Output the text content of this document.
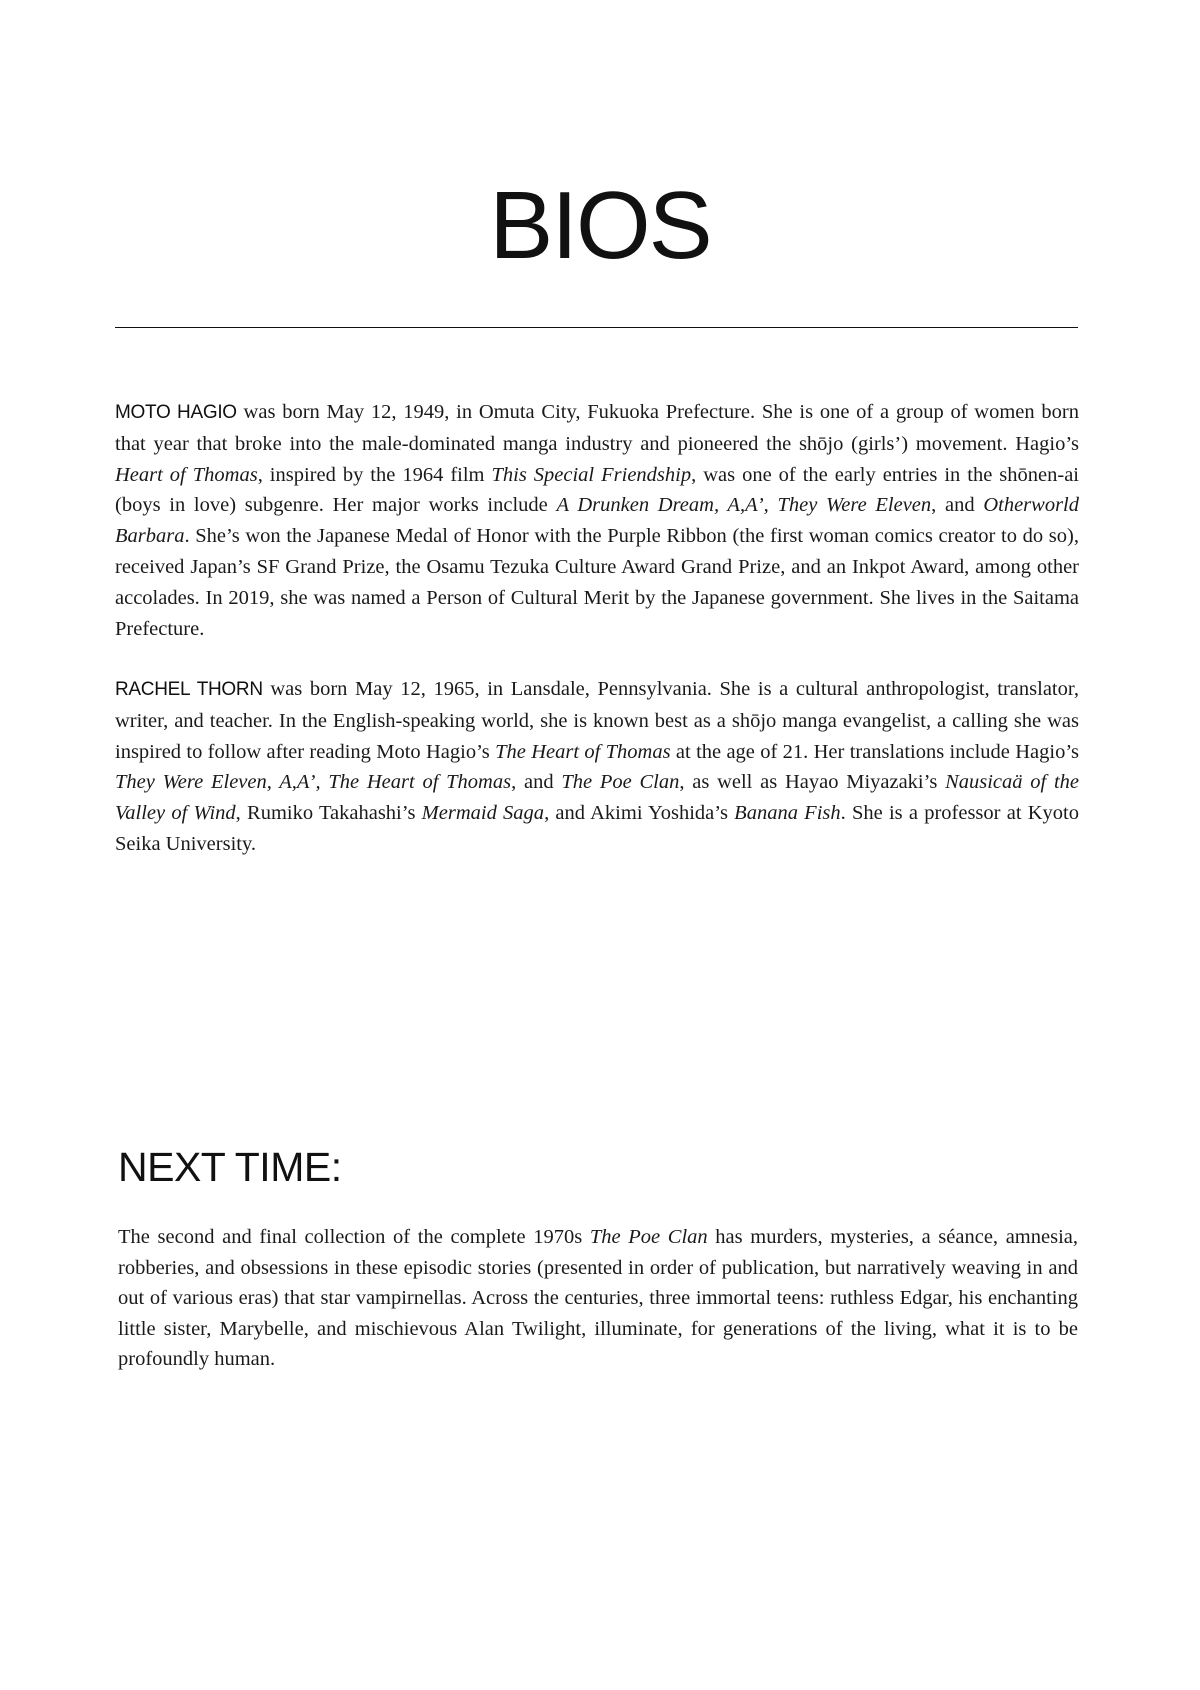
BIOS

MOTO HAGIO was born May 12, 1949, in Omuta City, Fukuoka Prefecture. She is one of a group of women born that year that broke into the male-dominated manga industry and pioneered the shōjo (girls’) movement. Hagio’s Heart of Thomas, inspired by the 1964 film This Special Friendship, was one of the early entries in the shōnen-ai (boys in love) subgenre. Her major works include A Drunken Dream, A,A’, They Were Eleven, and Otherworld Barbara. She’s won the Japanese Medal of Honor with the Purple Ribbon (the first woman comics creator to do so), received Japan’s SF Grand Prize, the Osamu Tezuka Culture Award Grand Prize, and an Inkpot Award, among other accolades. In 2019, she was named a Person of Cultural Merit by the Japanese government. She lives in the Saitama Prefecture.

RACHEL THORN was born May 12, 1965, in Lansdale, Pennsylvania. She is a cultural anthropologist, translator, writer, and teacher. In the English-speaking world, she is known best as a shōjo manga evangelist, a calling she was inspired to follow after reading Moto Hagio’s The Heart of Thomas at the age of 21. Her translations include Hagio’s They Were Eleven, A,A’, The Heart of Thomas, and The Poe Clan, as well as Hayao Miyazaki’s Nausicaä of the Valley of Wind, Rumiko Takahashi’s Mermaid Saga, and Akimi Yoshida’s Banana Fish. She is a professor at Kyoto Seika University.

NEXT TIME:

The second and final collection of the complete 1970s The Poe Clan has murders, mysteries, a séance, amnesia, robberies, and obsessions in these episodic stories (presented in order of publication, but narratively weaving in and out of various eras) that star vampirnellas. Across the centuries, three immortal teens: ruthless Edgar, his enchanting little sister, Marybelle, and mischievous Alan Twilight, illuminate, for generations of the living, what it is to be profoundly human.
